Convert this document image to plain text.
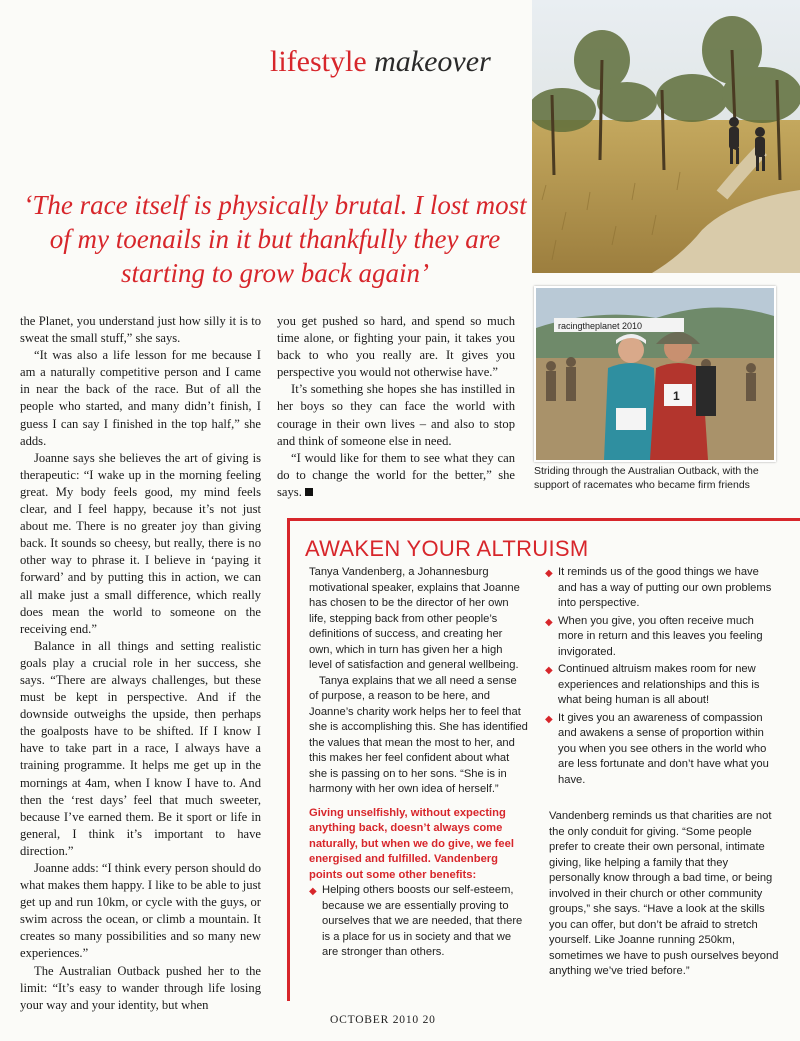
lifestyle makeover
‘The race itself is physically brutal. I lost most of my toenails in it but thankfully they are starting to grow back again’

the Planet, you understand just how silly it is to sweat the small stuff,” she says.

“It was also a life lesson for me because I am a naturally competitive person and I came in near the back of the race. But of all the people who started, and many didn’t finish, I guess I can say I finished in the top half,” she adds.

Joanne says she believes the art of giving is therapeutic: “I wake up in the morning feeling great. My body feels good, my mind feels clear, and I feel happy, because it’s not just about me. There is no greater joy than giving back. It sounds so cheesy, but really, there is no other way to phrase it. I believe in ‘paying it forward’ and by putting this in action, we can all make just a small difference, which really does mean the world to someone on the receiving end.”

Balance in all things and setting realistic goals play a crucial role in her success, she says. “There are always challenges, but these must be kept in perspective. And if the downside outweighs the upside, then perhaps the goalposts have to be shifted. If I know I have to take part in a race, I always have a training programme. It helps me get up in the mornings at 4am, when I know I have to. And then the ‘rest days’ feel that much sweeter, because I’ve earned them. Be it sport or life in general, I think it’s important to have direction.”

Joanne adds: “I think every person should do what makes them happy. I like to be able to just get up and run 10km, or cycle with the guys, or swim across the ocean, or climb a mountain. It creates so many possibilities and so many new experiences.”

The Australian Outback pushed her to the limit: “It’s easy to wander through life losing your way and your identity, but when

you get pushed so hard, and spend so much time alone, or fighting your pain, it takes you back to who you really are. It gives you perspective you would not otherwise have.”

It’s something she hopes she has instilled in her boys so they can face the world with courage in their own lives – and also to stop and think of someone else in need.

“I would like for them to see what they can do to change the world for the better,” she says.

racingtheplanet 2010
1
Striding through the Australian Outback, with the support of racemates who became firm friends
AWAKEN YOUR ALTRUISM

Tanya Vandenberg, a Johannesburg motivational speaker, explains that Joanne has chosen to be the director of her own life, stepping back from other people’s definitions of success, and creating her own, which in turn has given her a high level of satisfaction and general wellbeing.

Tanya explains that we all need a sense of purpose, a reason to be here, and Joanne’s charity work helps her to feel that she is accomplishing this. She has identified the values that mean the most to her, and this makes her feel confident about what she is passing on to her sons. “She is in harmony with her own idea of herself.”

Giving unselfishly, without expecting anything back, doesn’t always come naturally, but when we do give, we feel energised and fulfilled. Vandenberg points out some other benefits:

◆ Helping others boosts our self-esteem, because we are essentially proving to ourselves that we are needed, that there is a place for us in society and that we are stronger than others.
◆ It reminds us of the good things we have and has a way of putting our own problems into perspective.
◆ When you give, you often receive much more in return and this leaves you feeling invigorated.
◆ Continued altruism makes room for new experiences and relationships and this is what being human is all about!
◆ It gives you an awareness of compassion and awakens a sense of proportion within you when you see others in the world who are less fortunate and don’t have what you have.

Vandenberg reminds us that charities are not the only conduit for giving. “Some people prefer to create their own personal, intimate giving, like helping a family that they personally know through a bad time, or being involved in their church or other community groups,” she says. “Have a look at the skills you can offer, but don’t be afraid to stretch yourself. Like Joanne running 250km, sometimes we have to push ourselves beyond anything we’ve tried before.”

OCTOBER 2010 20
